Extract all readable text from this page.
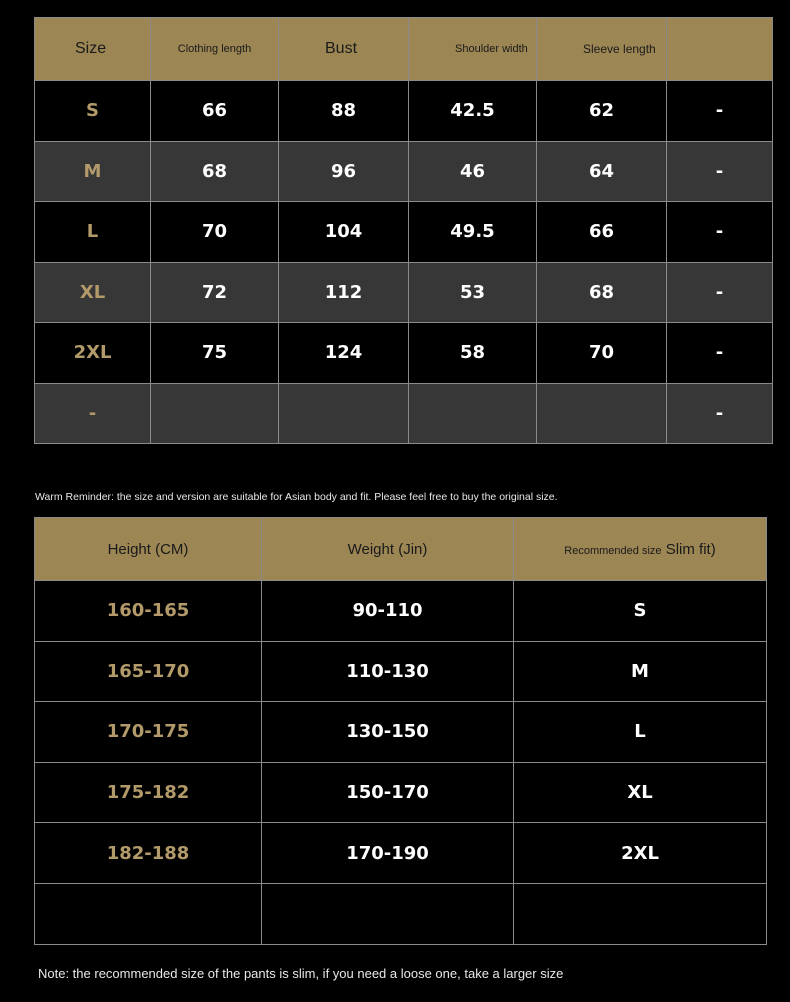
Size	Clothing length	Bust	Shoulder width	Sleeve length	
S	66	88	42.5	62	-
M	68	96	46	64	-
L	70	104	49.5	66	-
XL	72	112	53	68	-
2XL	75	124	58	70	-
-					-

Warm Reminder: the size and version are suitable for Asian body and fit. Please feel free to buy the original size.

Height (CM)	Weight (Jin)	Recommended size Slim fit)
160-165	90-110	S
165-170	110-130	M
170-175	130-150	L
175-182	150-170	XL
182-188	170-190	2XL

Note: the recommended size of the pants is slim, if you need a loose one, take a larger size
